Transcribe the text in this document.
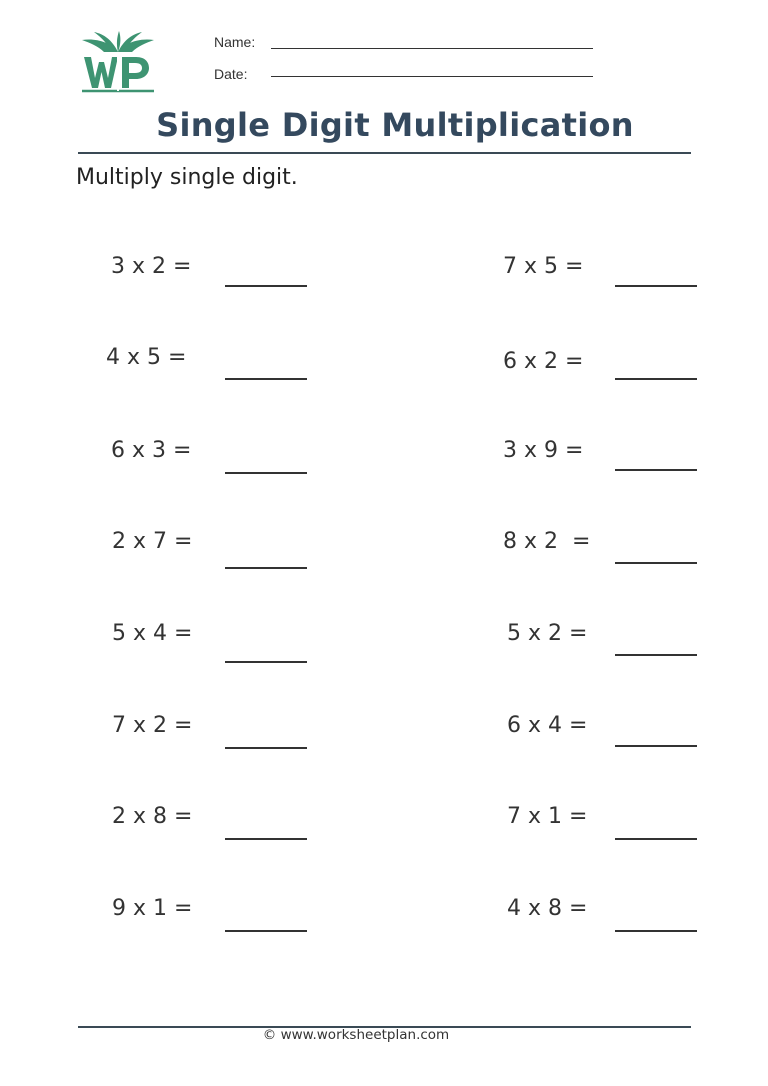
Name:
Date:
Single Digit Multiplication
Multiply single digit.
3 x 2 =
4 x 5 =
6 x 3 =
2 x 7 =
5 x 4 =
7 x 2 =
2 x 8 =
9 x 1 =
7 x 5 =
6 x 2 =
3 x 9 =
8 x 2  =
5 x 2 =
6 x 4 =
7 x 1 =
4 x 8 =
© www.worksheetplan.com
